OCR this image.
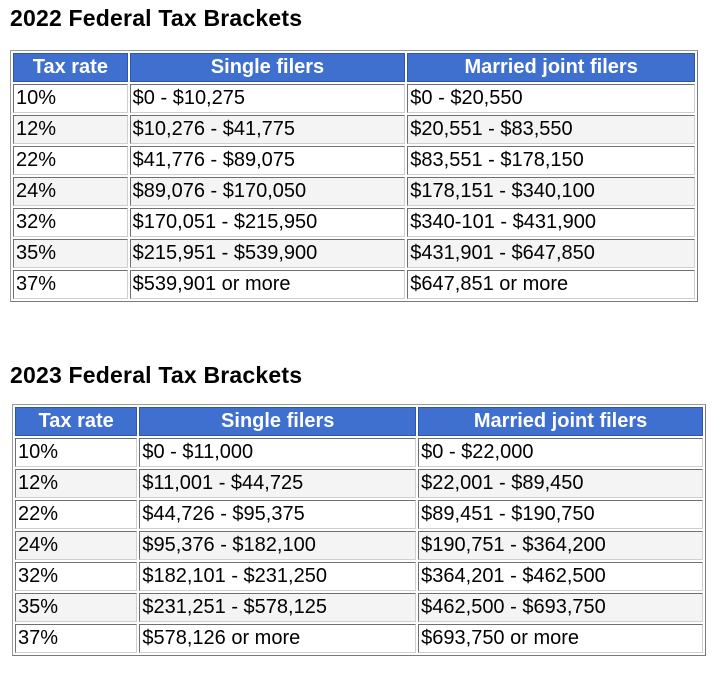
2022 Federal Tax Brackets
Tax rate	Single filers	Married joint filers
10%	$0 - $10,275	$0 - $20,550
12%	$10,276 - $41,775	$20,551 - $83,550
22%	$41,776 - $89,075	$83,551 - $178,150
24%	$89,076 - $170,050	$178,151 - $340,100
32%	$170,051 - $215,950	$340-101 - $431,900
35%	$215,951 - $539,900	$431,901 - $647,850
37%	$539,901 or more	$647,851 or more
2023 Federal Tax Brackets
Tax rate	Single filers	Married joint filers
10%	$0 - $11,000	$0 - $22,000
12%	$11,001 - $44,725	$22,001 - $89,450
22%	$44,726 - $95,375	$89,451 - $190,750
24%	$95,376 - $182,100	$190,751 - $364,200
32%	$182,101 - $231,250	$364,201 - $462,500
35%	$231,251 - $578,125	$462,500 - $693,750
37%	$578,126 or more	$693,750 or more
